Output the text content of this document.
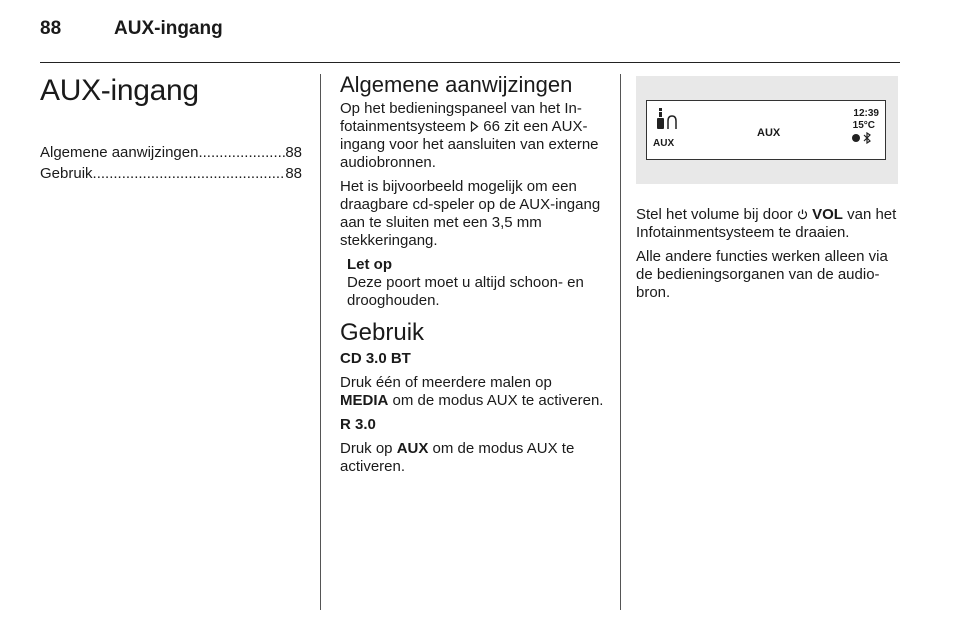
88	AUX-ingang
AUX-ingang
Algemene aanwijzingen .....	88
Gebruik .....	88
Algemene aanwijzingen

Op het bedieningspaneel van het Infotainmentsysteem  66 zit een AUX-ingang voor het aansluiten van externe audiobronnen.

Het is bijvoorbeeld mogelijk om een draagbare cd-speler op de AUX-ingang aan te sluiten met een 3,5 mm stekkeringang.

Let op
Deze poort moet u altijd schoon- en drooghouden.
Gebruik
CD 3.0 BT

Druk één of meerdere malen op MEDIA om de modus AUX te activeren.

R 3.0

Druk op AUX om de modus AUX te activeren.

AUX
AUX
12:39
15°C

Stel het volume bij door  VOL van het Infotainmentsysteem te draaien.

Alle andere functies werken alleen via de bedieningsorganen van de audiobron.
